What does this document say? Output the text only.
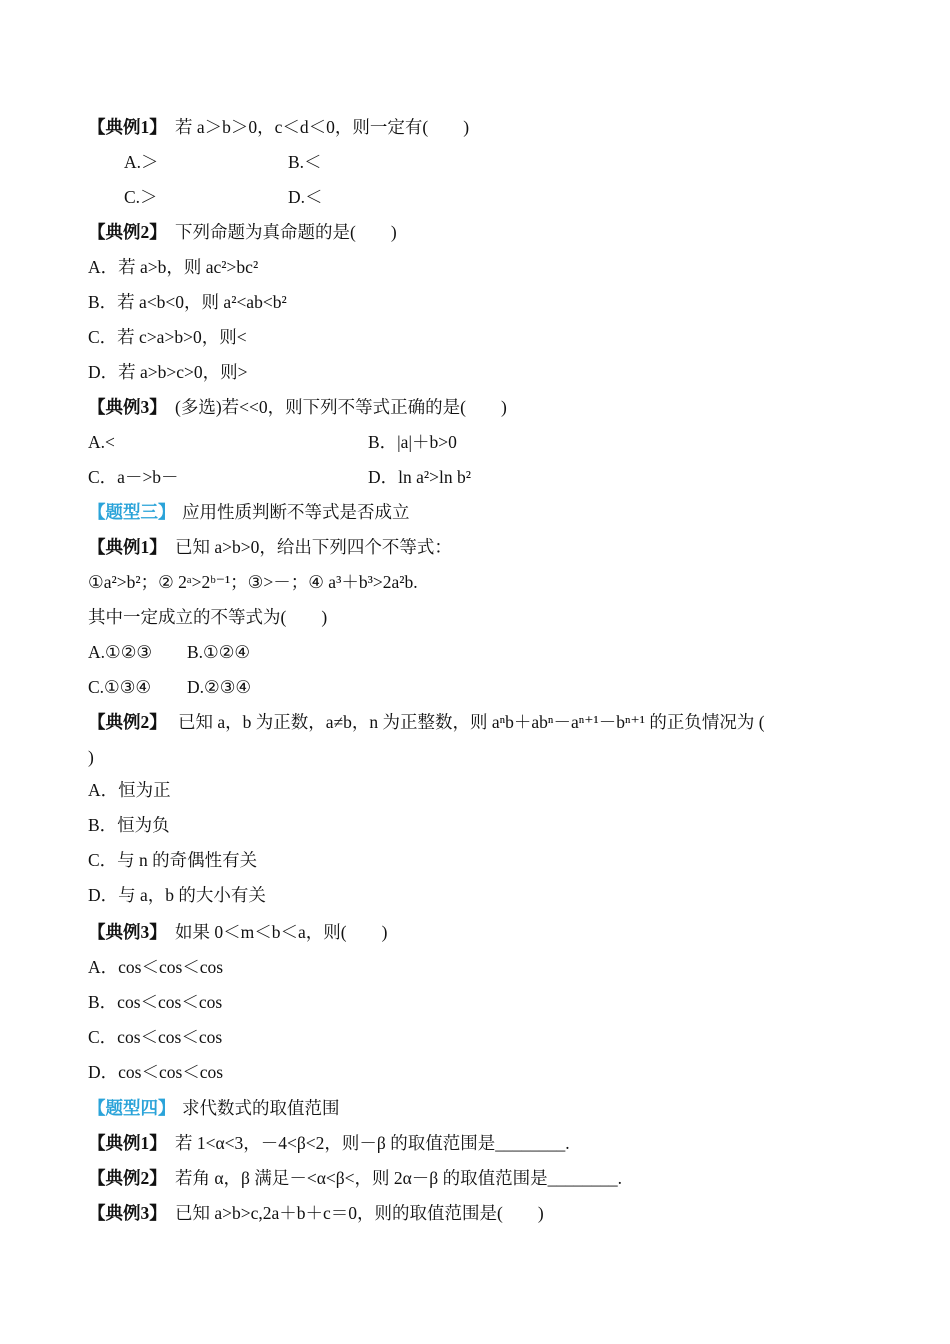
【典例1】 若 a＞b＞0，c＜d＜0，则一定有(　　)
A.＞	B.＜
C.＞	D.＜
【典例2】 下列命题为真命题的是(　　)
A．若 a>b，则 ac²>bc²
B．若 a<b<0，则 a²<ab<b²
C．若 c>a>b>0，则<
D．若 a>b>c>0，则>
【典例3】 (多选)若<<0，则下列不等式正确的是(　　)
A.<	B．|a|＋b>0
C．a－>b－	D．ln a²>ln b²
【题型三】 应用性质判断不等式是否成立
【典例1】 已知 a>b>0，给出下列四个不等式：
①a²>b²；② 2ᵃ>2ᵇ⁻¹；③>－；④ a³＋b³>2a²b.
其中一定成立的不等式为(　　)
A.①②③ B.①②④
C.①③④ D.②③④
【典例2】 已知 a，b 为正数，a≠b，n 为正整数，则 aⁿb＋abⁿ－aⁿ⁺¹－bⁿ⁺¹ 的正负情况为 (
)
A．恒为正
B．恒为负
C．与 n 的奇偶性有关
D．与 a，b 的大小有关
【典例3】 如果 0＜m＜b＜a，则(　　)
A．cos＜cos＜cos
B．cos＜cos＜cos
C．cos＜cos＜cos
D．cos＜cos＜cos
【题型四】 求代数式的取值范围
【典例1】 若 1<α<3，－4<β<2，则－β 的取值范围是________.
【典例2】 若角 α，β 满足－<α<β<，则 2α－β 的取值范围是________.
【典例3】 已知 a>b>c,2a＋b＋c＝0，则的取值范围是(　　)
